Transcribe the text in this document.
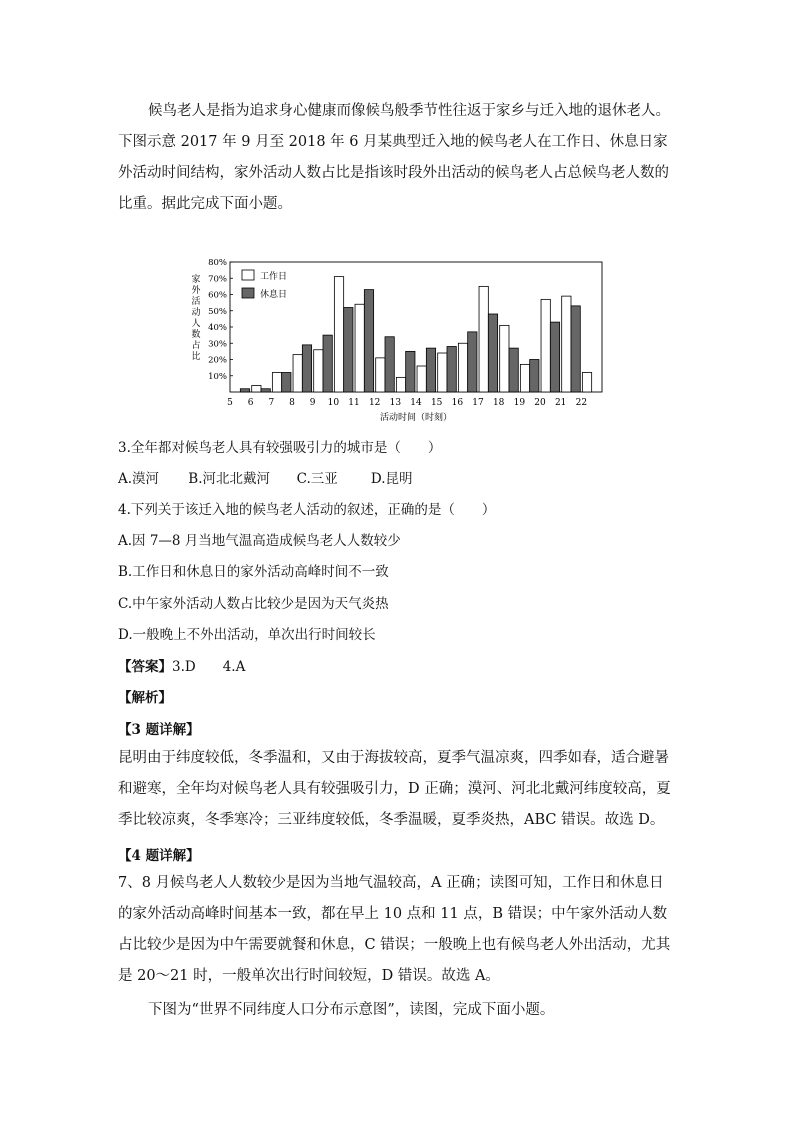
候鸟老人是指为追求身心健康而像候鸟般季节性往返于家乡与迁入地的退休老人。下图示意 2017 年 9 月至 2018 年 6 月某典型迁入地的候鸟老人在工作日、休息日家外活动时间结构，家外活动人数占比是指该时段外出活动的候鸟老人占总候鸟老人数的比重。据此完成下面小题。

10%
20%
30%
40%
50%
60%
70%
80%
5 6 7 8 9 10 11 12 13 14 15 16 17 18 19 20 21 22
活动时间（时刻）
工作日
休息日
家
外
活
动
人
数
占
比
3.全年都对候鸟老人具有较强吸引力的城市是（　　）
A.漠河 B.河北北戴河 C.三亚 D.昆明
4.下列关于该迁入地的候鸟老人活动的叙述，正确的是（　　）
A.因 7—8 月当地气温高造成候鸟老人人数较少
B.工作日和休息日的家外活动高峰时间不一致
C.中午家外活动人数占比较少是因为天气炎热
D.一般晚上不外出活动，单次出行时间较长
【答案】3.D　　4.A
【解析】
【3 题详解】

昆明由于纬度较低，冬季温和，又由于海拔较高，夏季气温凉爽，四季如春，适合避暑和避寒，全年均对候鸟老人具有较强吸引力，D 正确；漠河、河北北戴河纬度较高，夏季比较凉爽，冬季寒冷；三亚纬度较低，冬季温暖，夏季炎热，ABC 错误。故选 D。

【4 题详解】

7、8 月候鸟老人人数较少是因为当地气温较高，A 正确；读图可知，工作日和休息日的家外活动高峰时间基本一致，都在早上 10 点和 11 点，B 错误；中午家外活动人数占比较少是因为中午需要就餐和休息，C 错误；一般晚上也有候鸟老人外出活动，尤其是 20～21 时，一般单次出行时间较短，D 错误。故选 A。

下图为“世界不同纬度人口分布示意图”，读图，完成下面小题。
